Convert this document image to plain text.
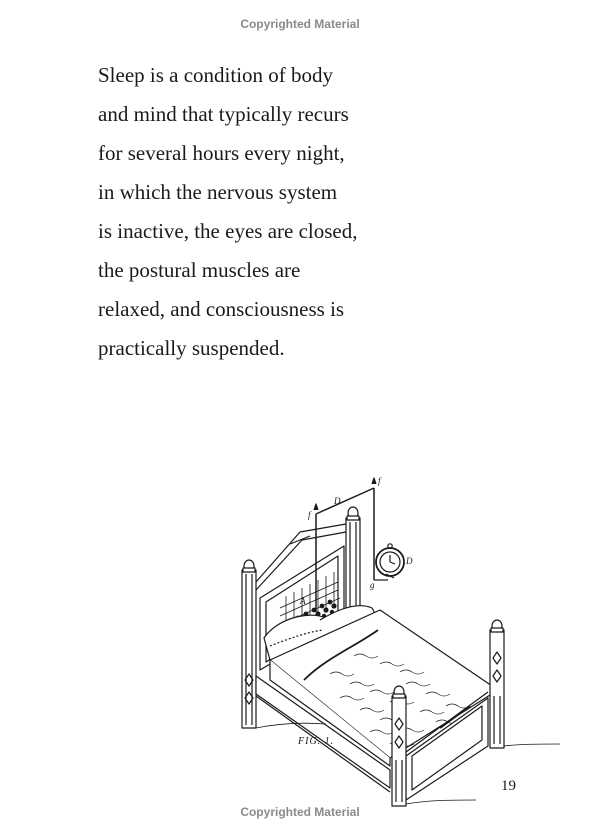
Copyrighted Material
Sleep is a condition of body
and mind that typically recurs
for several hours every night,
in which the nervous system
is inactive, the eyes are closed,
the postural muscles are
relaxed, and consciousness is
practically suspended.
f
D
f
D
g
A
FIG. 1.
19
Copyrighted Material
